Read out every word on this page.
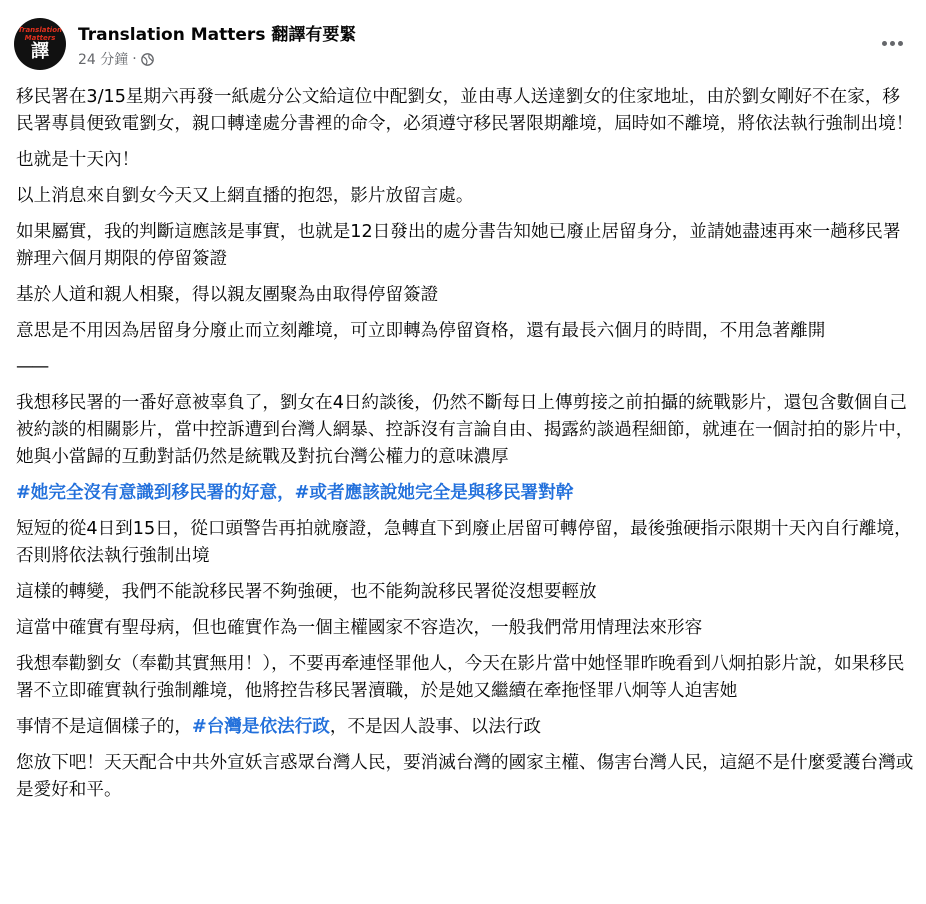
Translation Matters
譯
Translation Matters 翻譯有要緊
24 分鐘 ·
移民署在3/15星期六再發一紙處分公文給這位中配劉女，並由專人送達劉女的住家地址，由於劉女剛好不在家，移民署專員便致電劉女，親口轉達處分書裡的命令，必須遵守移民署限期離境，屆時如不離境，將依法執行強制出境！
也就是十天內！
以上消息來自劉女今天又上網直播的抱怨，影片放留言處。
如果屬實，我的判斷這應該是事實，也就是12日發出的處分書告知她已廢止居留身分，並請她盡速再來一趟移民署辦理六個月期限的停留簽證
基於人道和親人相聚，得以親友團聚為由取得停留簽證
意思是不用因為居留身分廢止而立刻離境，可立即轉為停留資格，還有最長六個月的時間，不用急著離開
——
我想移民署的一番好意被辜負了，劉女在4日約談後，仍然不斷每日上傳剪接之前拍攝的統戰影片，還包含數個自己被約談的相關影片，當中控訴遭到台灣人網暴、控訴沒有言論自由、揭露約談過程細節，就連在一個討拍的影片中，她與小當歸的互動對話仍然是統戰及對抗台灣公權力的意味濃厚
#她完全沒有意識到移民署的好意，#或者應該說她完全是與移民署對幹
短短的從4日到15日，從口頭警告再拍就廢證，急轉直下到廢止居留可轉停留，最後強硬指示限期十天內自行離境，否則將依法執行強制出境
這樣的轉變，我們不能說移民署不夠強硬，也不能夠說移民署從沒想要輕放
這當中確實有聖母病，但也確實作為一個主權國家不容造次，一般我們常用情理法來形容
我想奉勸劉女（奉勸其實無用！），不要再牽連怪罪他人，今天在影片當中她怪罪昨晚看到八炯拍影片說，如果移民署不立即確實執行強制離境，他將控告移民署瀆職，於是她又繼續在牽拖怪罪八炯等人迫害她
事情不是這個樣子的，#台灣是依法行政，不是因人設事、以法行政
您放下吧！天天配合中共外宣妖言惑眾台灣人民，要消滅台灣的國家主權、傷害台灣人民，這絕不是什麼愛護台灣或是愛好和平。
